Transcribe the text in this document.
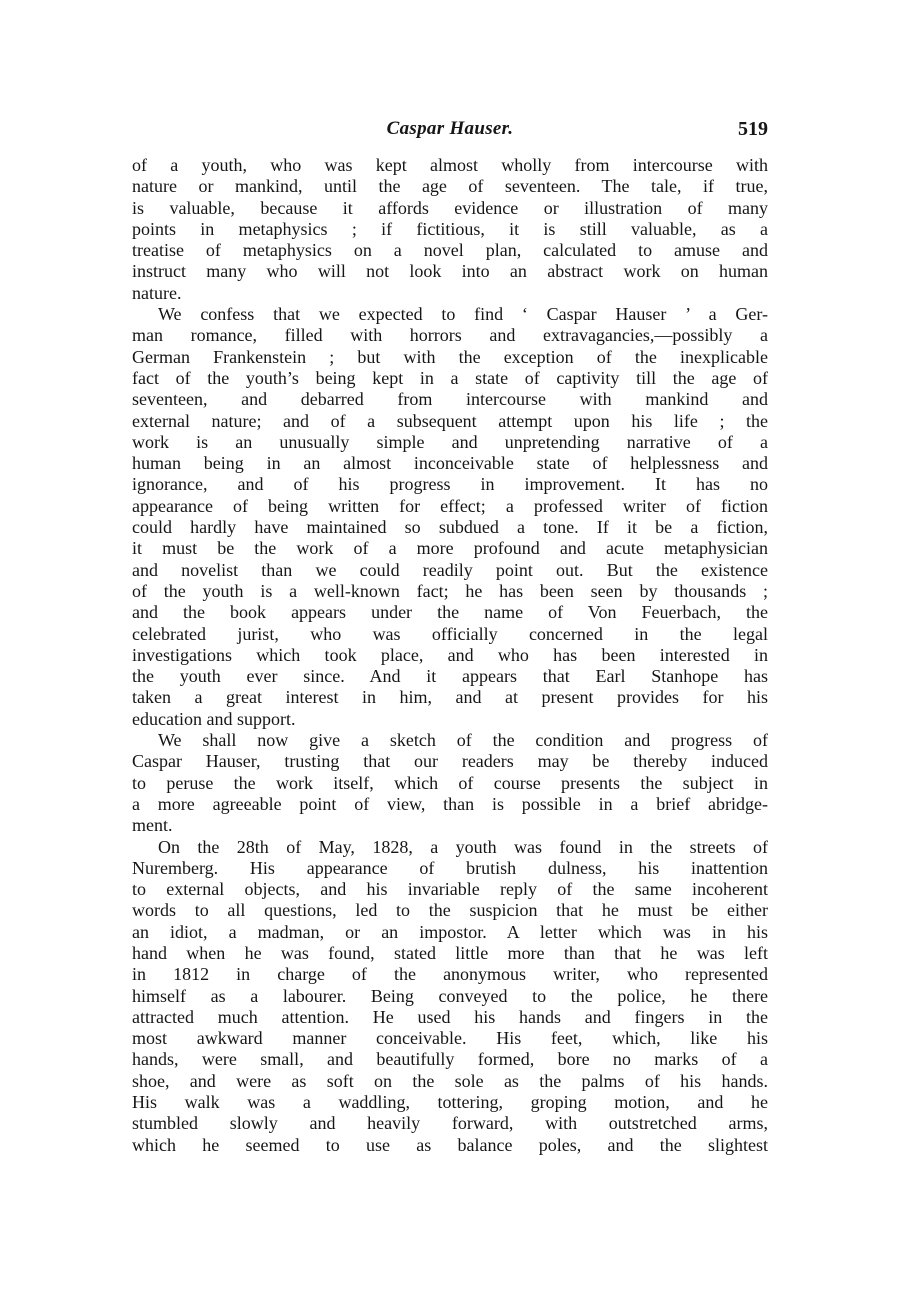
Caspar Hauser.	519
of a youth, who was kept almost wholly from intercourse with
nature or mankind, until the age of seventeen. The tale, if true,
is valuable, because it affords evidence or illustration of many
points in metaphysics ; if fictitious, it is still valuable, as a
treatise of metaphysics on a novel plan, calculated to amuse and
instruct many who will not look into an abstract work on human
nature.
We confess that we expected to find ‘ Caspar Hauser ’ a Ger-
man romance, filled with horrors and extravagancies,—possibly a
German Frankenstein ; but with the exception of the inexplicable
fact of the youth’s being kept in a state of captivity till the age of
seventeen, and debarred from intercourse with mankind and
external nature; and of a subsequent attempt upon his life ; the
work is an unusually simple and unpretending narrative of a
human being in an almost inconceivable state of helplessness and
ignorance, and of his progress in improvement. It has no
appearance of being written for effect; a professed writer of fiction
could hardly have maintained so subdued a tone. If it be a fiction,
it must be the work of a more profound and acute metaphysician
and novelist than we could readily point out. But the existence
of the youth is a well-known fact; he has been seen by thousands ;
and the book appears under the name of Von Feuerbach, the
celebrated jurist, who was officially concerned in the legal
investigations which took place, and who has been interested in
the youth ever since. And it appears that Earl Stanhope has
taken a great interest in him, and at present provides for his
education and support.
We shall now give a sketch of the condition and progress of
Caspar Hauser, trusting that our readers may be thereby induced
to peruse the work itself, which of course presents the subject in
a more agreeable point of view, than is possible in a brief abridge-
ment.
On the 28th of May, 1828, a youth was found in the streets of
Nuremberg. His appearance of brutish dulness, his inattention
to external objects, and his invariable reply of the same incoherent
words to all questions, led to the suspicion that he must be either
an idiot, a madman, or an impostor. A letter which was in his
hand when he was found, stated little more than that he was left
in 1812 in charge of the anonymous writer, who represented
himself as a labourer. Being conveyed to the police, he there
attracted much attention. He used his hands and fingers in the
most awkward manner conceivable. His feet, which, like his
hands, were small, and beautifully formed, bore no marks of a
shoe, and were as soft on the sole as the palms of his hands.
His walk was a waddling, tottering, groping motion, and he
stumbled slowly and heavily forward, with outstretched arms,
which he seemed to use as balance poles, and the slightest
